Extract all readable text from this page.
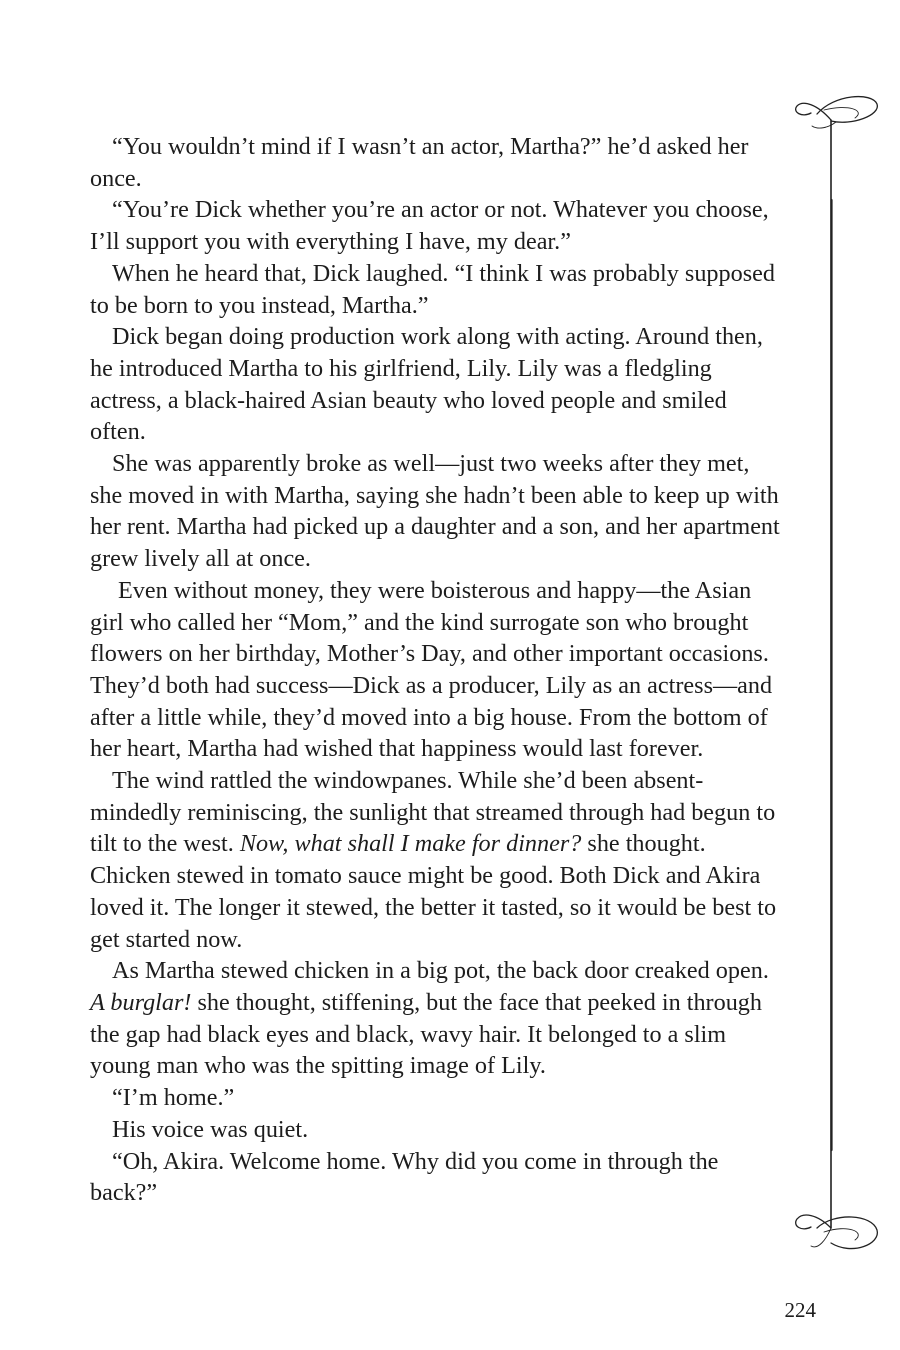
“You wouldn’t mind if I wasn’t an actor, Martha?” he’d asked her once.

“You’re Dick whether you’re an actor or not. Whatever you choose, I’ll support you with everything I have, my dear.”

When he heard that, Dick laughed. “I think I was probably supposed to be born to you instead, Martha.”

Dick began doing production work along with acting. Around then, he introduced Martha to his girlfriend, Lily. Lily was a fledgling actress, a black-haired Asian beauty who loved people and smiled often.

She was apparently broke as well—just two weeks after they met, she moved in with Martha, saying she hadn’t been able to keep up with her rent. Martha had picked up a daughter and a son, and her apartment grew lively all at once.

Even without money, they were boisterous and happy—the Asian girl who called her “Mom,” and the kind surrogate son who brought flowers on her birthday, Mother’s Day, and other important occasions. They’d both had success—Dick as a producer, Lily as an actress—and after a little while, they’d moved into a big house. From the bottom of her heart, Martha had wished that happiness would last forever.

The wind rattled the windowpanes. While she’d been absent-mindedly reminiscing, the sunlight that streamed through had begun to tilt to the west. Now, what shall I make for dinner? she thought. Chicken stewed in tomato sauce might be good. Both Dick and Akira loved it. The longer it stewed, the better it tasted, so it would be best to get started now.

As Martha stewed chicken in a big pot, the back door creaked open. A burglar! she thought, stiffening, but the face that peeked in through the gap had black eyes and black, wavy hair. It belonged to a slim young man who was the spitting image of Lily.

“I’m home.”

His voice was quiet.

“Oh, Akira. Welcome home. Why did you come in through the back?”

224
